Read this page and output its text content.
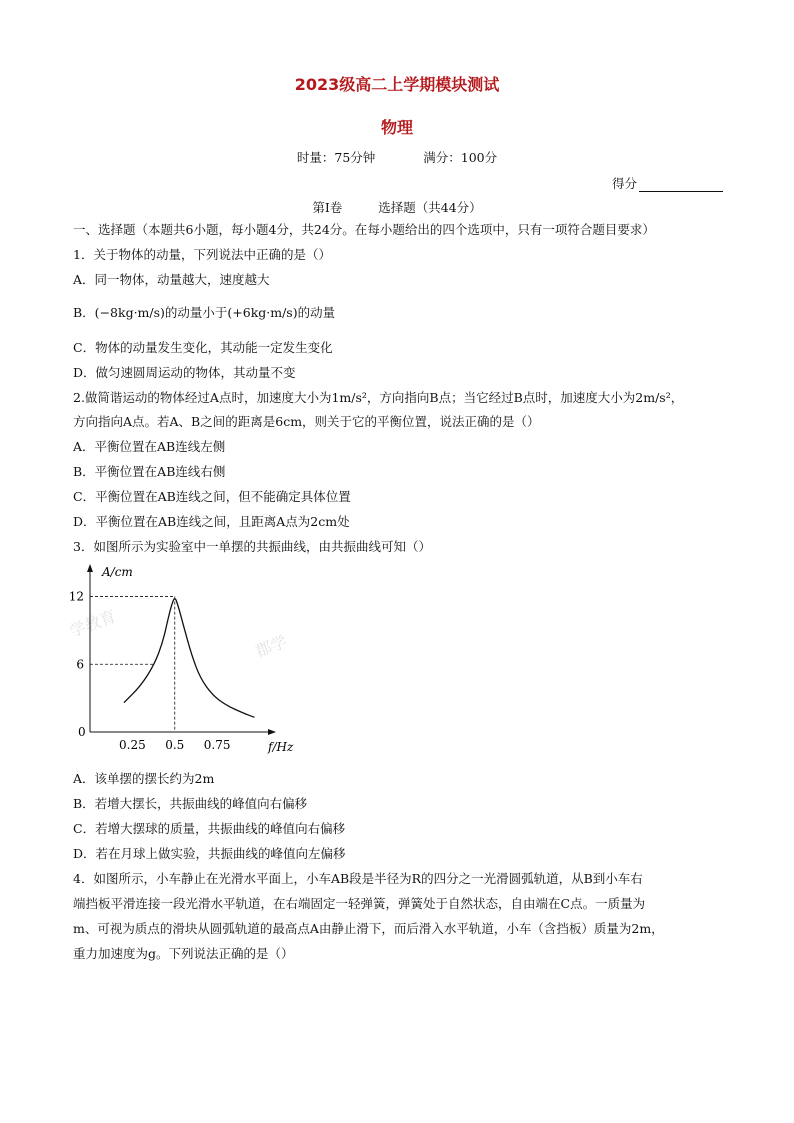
2023级高二上学期模块测试
物理
时量：75分钟	满分：100分
得分
第Ⅰ卷	选择题（共44分）
一、选择题（本题共6小题，每小题4分，共24分。在每小题给出的四个选项中，只有一项符合题目要求）
1．关于物体的动量，下列说法中正确的是（）
A．同一物体，动量越大，速度越大
B．(−8kg·m/s)的动量小于(+6kg·m/s)的动量
C．物体的动量发生变化，其动能一定发生变化
D．做匀速圆周运动的物体，其动量不变
2.做简谐运动的物体经过A点时，加速度大小为1m/s²，方向指向B点；当它经过B点时，加速度大小为2m/s²，
方向指向A点。若A、B之间的距离是6cm，则关于它的平衡位置，说法正确的是（）
A．平衡位置在AB连线左侧
B．平衡位置在AB连线右侧
C．平衡位置在AB连线之间，但不能确定具体位置
D．平衡位置在AB连线之间，且距离A点为2cm处
3．如图所示为实验室中一单摆的共振曲线，由共振曲线可知（）
学教育
郡学
A/cm
f/Hz
0
6
12
0.25 0.5 0.75
A．该单摆的摆长约为2m
B．若增大摆长，共振曲线的峰值向右偏移
C．若增大摆球的质量，共振曲线的峰值向右偏移
D．若在月球上做实验，共振曲线的峰值向左偏移
4．如图所示，小车静止在光滑水平面上，小车AB段是半径为R的四分之一光滑圆弧轨道，从B到小车右
端挡板平滑连接一段光滑水平轨道，在右端固定一轻弹簧，弹簧处于自然状态，自由端在C点。一质量为
m、可视为质点的滑块从圆弧轨道的最高点A由静止滑下，而后滑入水平轨道，小车（含挡板）质量为2m，
重力加速度为g。下列说法正确的是（）
